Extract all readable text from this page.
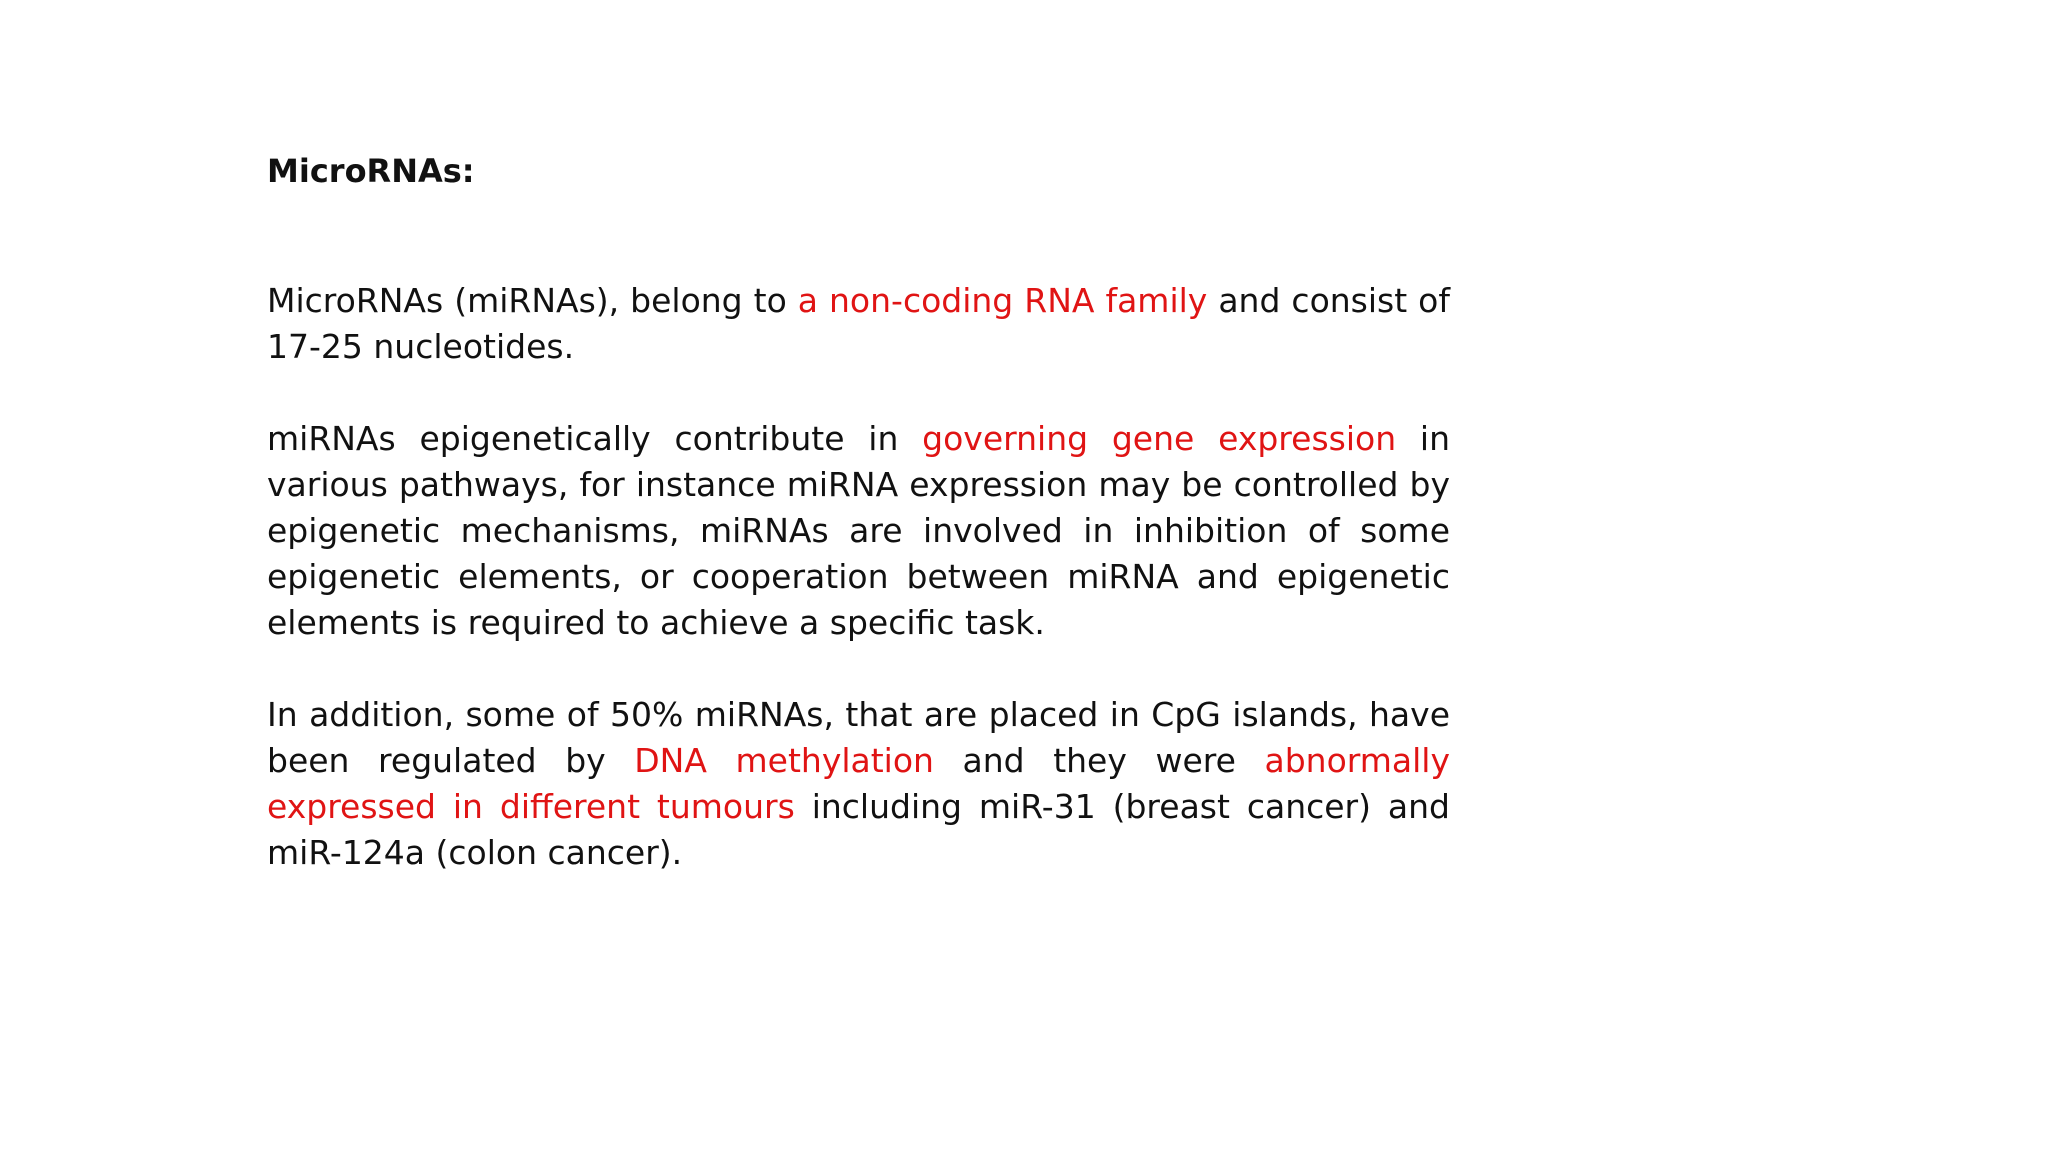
MicroRNAs:

MicroRNAs (miRNAs), belong to a non-coding RNA family and consist of 17-25 nucleotides.

miRNAs epigenetically contribute in governing gene expression in various pathways, for instance miRNA expression may be controlled by epigenetic mechanisms, miRNAs are involved in inhibition of some epigenetic elements, or cooperation between miRNA and epigenetic elements is required to achieve a specific task.

In addition, some of 50% miRNAs, that are placed in CpG islands, have been regulated by DNA methylation and they were abnormally expressed in different tumours including miR-31 (breast cancer) and miR-124a (colon cancer).
